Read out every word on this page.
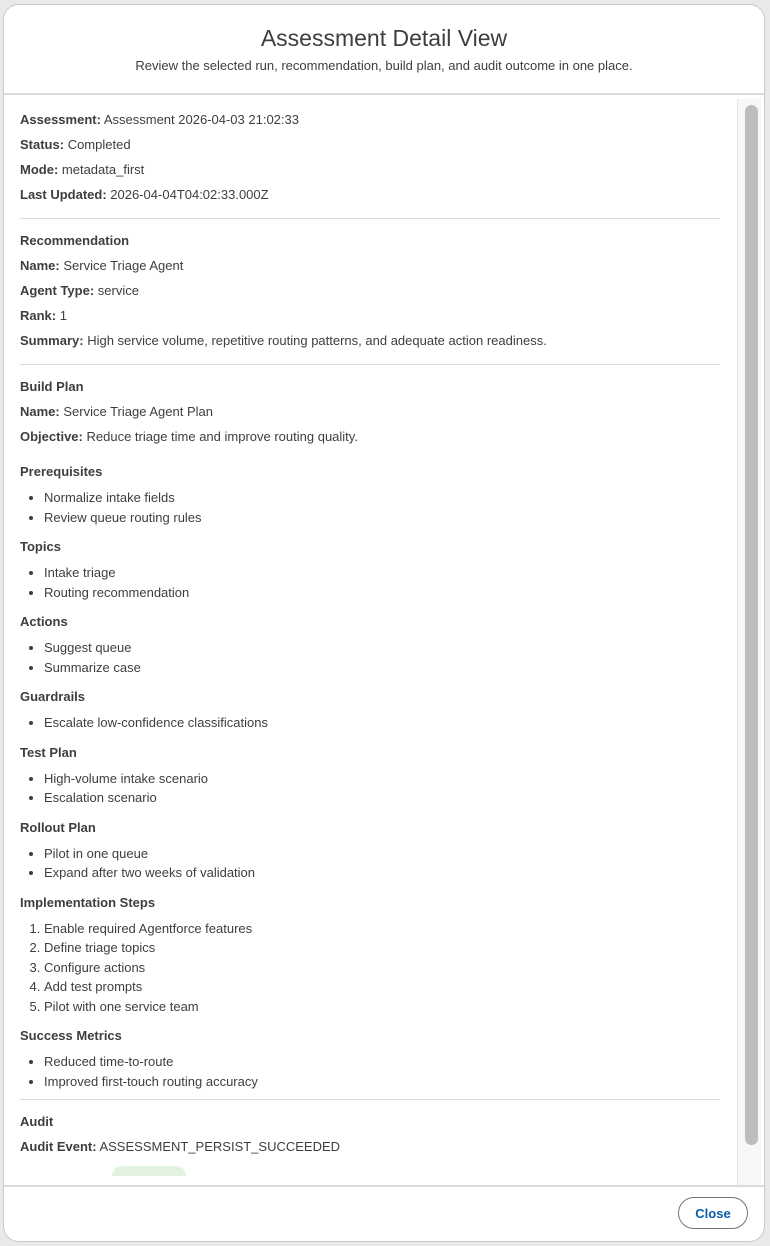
Assessment Detail View

Review the selected run, recommendation, build plan, and audit outcome in one place.

Assessment: Assessment 2026-04-03 21:02:33
Status: Completed
Mode: metadata_first
Last Updated: 2026-04-04T04:02:33.000Z
Recommendation
Name: Service Triage Agent
Agent Type: service
Rank: 1
Summary: High service volume, repetitive routing patterns, and adequate action readiness.
Build Plan
Name: Service Triage Agent Plan
Objective: Reduce triage time and improve routing quality.
Prerequisites
• Normalize intake fields
• Review queue routing rules
Topics
• Intake triage
• Routing recommendation
Actions
• Suggest queue
• Summarize case
Guardrails
• Escalate low-confidence classifications
Test Plan
• High-volume intake scenario
• Escalation scenario
Rollout Plan
• Pilot in one queue
• Expand after two weeks of validation
Implementation Steps
1. Enable required Agentforce features
2. Define triage topics
3. Configure actions
4. Add test prompts
5. Pilot with one service team
Success Metrics
• Reduced time-to-route
• Improved first-touch routing accuracy
Audit
Audit Event: ASSESSMENT_PERSIST_SUCCEEDED
Close
